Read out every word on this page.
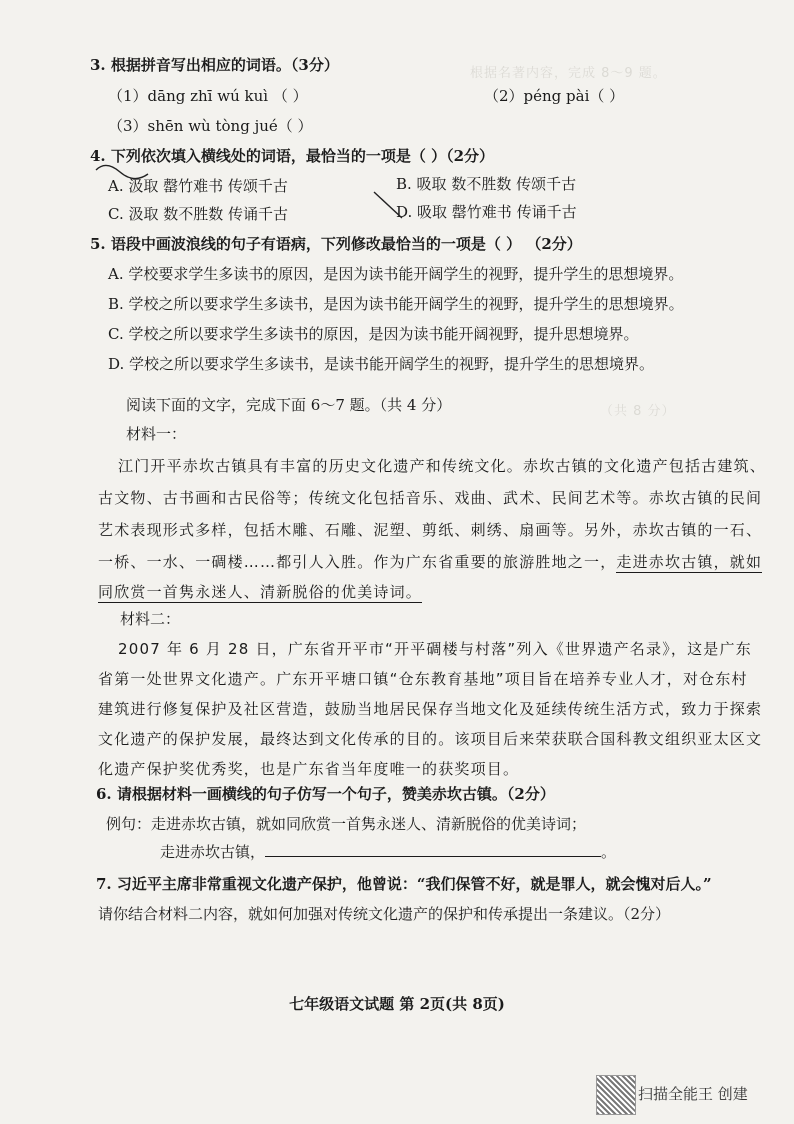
根据名著内容，完成 8～9 题。
（共 8 分）
3. 根据拼音写出相应的词语。（3分）
（1）dāng zhī wú kuì （ ）	（2）péng pài（ ）
（3）shēn wù tòng jué（ ）
4. 下列依次填入横线处的词语，最恰当的一项是（ ）（2分）
A. 汲取 罄竹难书 传颂千古	B. 吸取 数不胜数 传颂千古
C. 汲取 数不胜数 传诵千古	D. 吸取 罄竹难书 传诵千古
5. 语段中画波浪线的句子有语病，下列修改最恰当的一项是（ ） （2分）
A. 学校要求学生多读书的原因，是因为读书能开阔学生的视野，提升学生的思想境界。
B. 学校之所以要求学生多读书，是因为读书能开阔学生的视野，提升学生的思想境界。
C. 学校之所以要求学生多读书的原因，是因为读书能开阔视野，提升思想境界。
D. 学校之所以要求学生多读书，是读书能开阔学生的视野，提升学生的思想境界。
阅读下面的文字，完成下面 6～7 题。（共 4 分）
材料一：
江门开平赤坎古镇具有丰富的历史文化遗产和传统文化。赤坎古镇的文化遗产包括古建筑、
古文物、古书画和古民俗等；传统文化包括音乐、戏曲、武术、民间艺术等。赤坎古镇的民间
艺术表现形式多样，包括木雕、石雕、泥塑、剪纸、刺绣、扇画等。另外，赤坎古镇的一石、
一桥、一水、一碉楼……都引人入胜。作为广东省重要的旅游胜地之一，走进赤坎古镇，就如
同欣赏一首隽永迷人、清新脱俗的优美诗词。
材料二：
2007 年 6 月 28 日，广东省开平市“开平碉楼与村落”列入《世界遗产名录》，这是广东
省第一处世界文化遗产。广东开平塘口镇“仓东教育基地”项目旨在培养专业人才，对仓东村
建筑进行修复保护及社区营造，鼓励当地居民保存当地文化及延续传统生活方式，致力于探索
文化遗产的保护发展，最终达到文化传承的目的。该项目后来荣获联合国科教文组织亚太区文
化遗产保护奖优秀奖，也是广东省当年度唯一的获奖项目。
6. 请根据材料一画横线的句子仿写一个句子，赞美赤坎古镇。（2分）
例句：走进赤坎古镇，就如同欣赏一首隽永迷人、清新脱俗的优美诗词；
走进赤坎古镇，	。
7. 习近平主席非常重视文化遗产保护，他曾说：“我们保管不好，就是罪人，就会愧对后人。”
请你结合材料二内容，就如何加强对传统文化遗产的保护和传承提出一条建议。（2分）
七年级语文试题 第 2页(共 8页)
扫描全能王 创建
